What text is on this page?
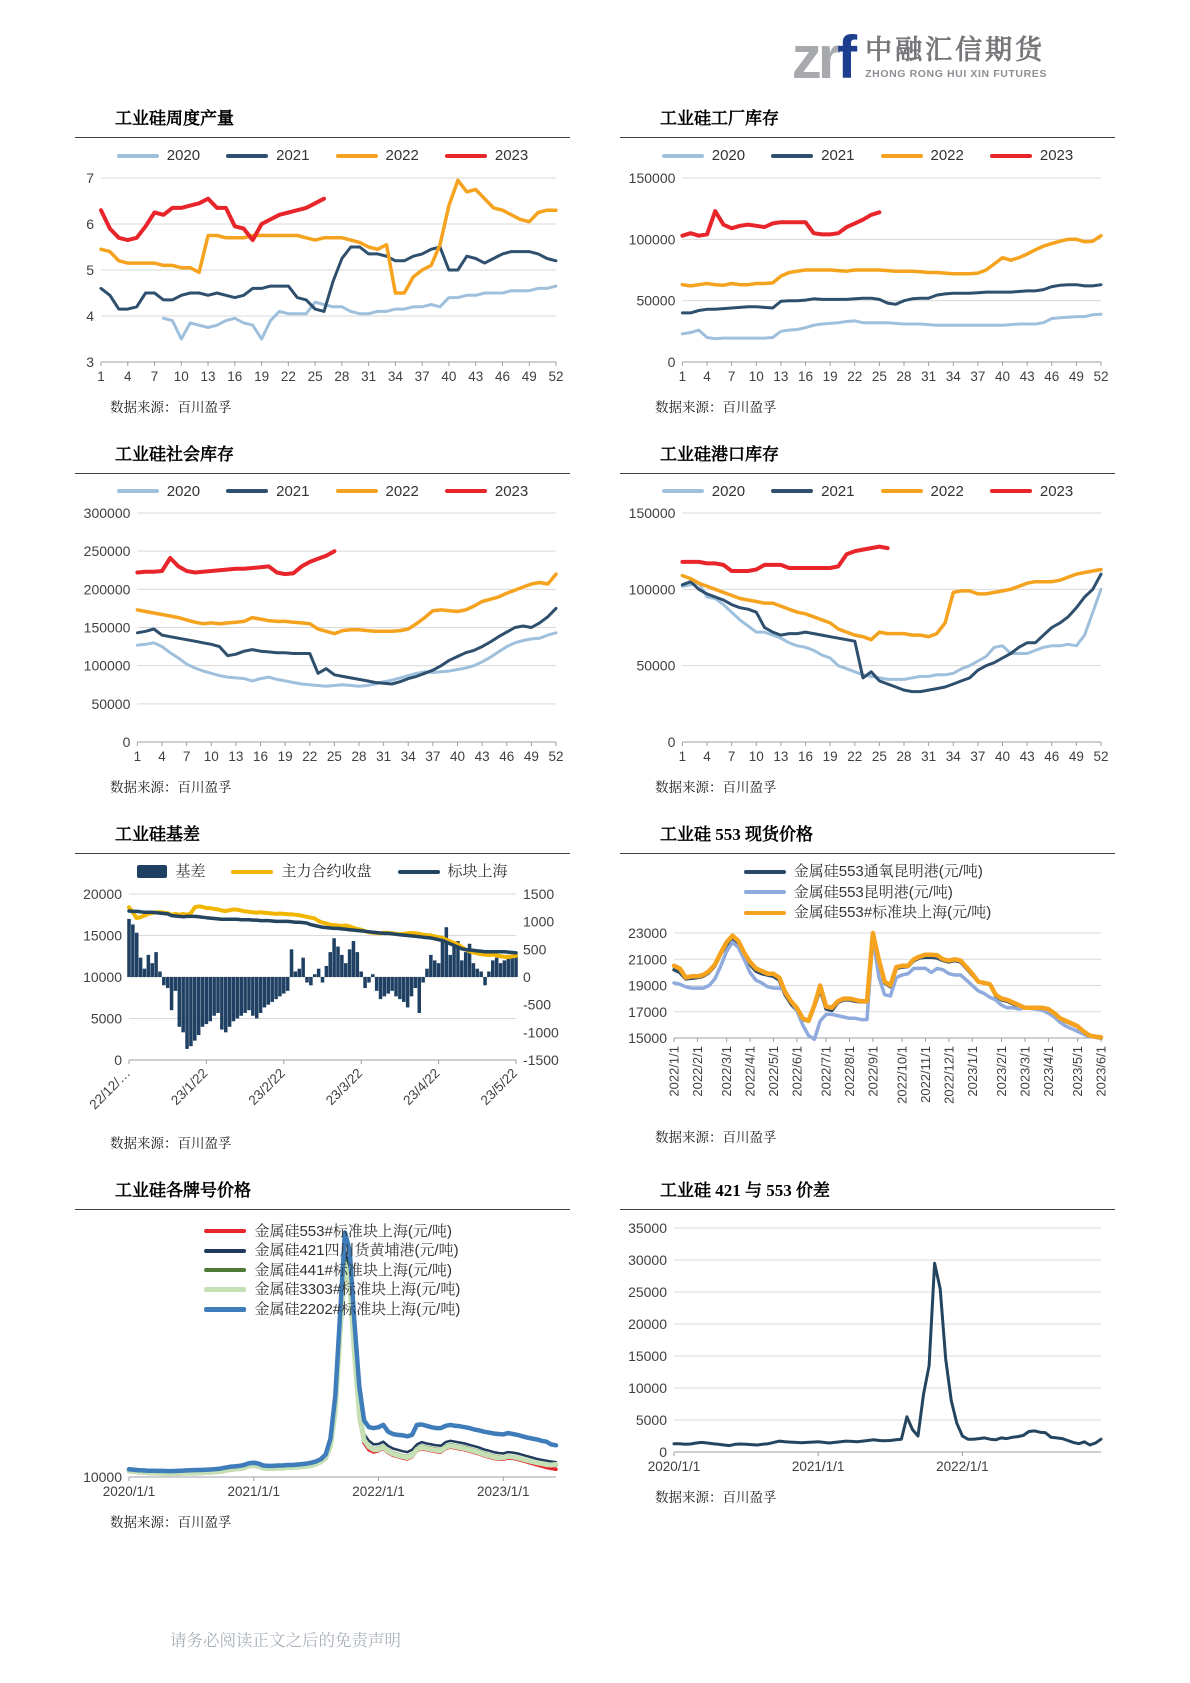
zrf 中融汇信期货
ZHONG RONG HUI XIN FUTURES
工业硅周度产量
2020	2021	2022	2023
3
4
5
6
7
1 4 7 10 13 16 19 22 25 28 31 34 37 40 43 46 49 52
数据来源：百川盈孚
工业硅工厂库存
2020	2021	2022	2023
0
50000
100000
150000
1 4 7 10 13 16 19 22 25 28 31 34 37 40 43 46 49 52
数据来源：百川盈孚
工业硅社会库存
2020	2021	2022	2023
0
50000
100000
150000
200000
250000
300000
1 4 7 10 13 16 19 22 25 28 31 34 37 40 43 46 49 52
数据来源：百川盈孚
工业硅港口库存
2020	2021	2022	2023
0
50000
100000
150000
1 4 7 10 13 16 19 22 25 28 31 34 37 40 43 46 49 52
数据来源：百川盈孚
工业硅基差
基差	主力合约收盘	标块上海
0
5000
10000
15000
20000
-1500
-1000
-500
0
500
1000
1500
22/12/…	23/1/22	23/2/22	23/3/22	23/4/22	23/5/22
数据来源：百川盈孚
工业硅 553 现货价格
金属硅553通氧昆明港(元/吨)
金属硅553昆明港(元/吨)
金属硅553#标准块上海(元/吨)
15000
17000
19000
21000
23000
2022/1/1 2022/2/1 2022/3/1 2022/4/1 2022/5/1 2022/6/1 2022/7/1 2022/8/1 2022/9/1 2022/10/1 2022/11/1 2022/12/1 2023/1/1 2023/2/1 2023/3/1 2023/4/1 2023/5/1 2023/6/1
数据来源：百川盈孚
工业硅各牌号价格
金属硅553#标准块上海(元/吨)
金属硅421四川货黄埔港(元/吨)
金属硅441#标准块上海(元/吨)
金属硅3303#标准块上海(元/吨)
金属硅2202#标准块上海(元/吨)
10000
2020/1/1	2021/1/1	2022/1/1	2023/1/1
数据来源：百川盈孚
工业硅 421 与 553 价差
0
5000
10000
15000
20000
25000
30000
35000
2020/1/1	2021/1/1	2022/1/1
数据来源：百川盈孚
请务必阅读正文之后的免责声明
